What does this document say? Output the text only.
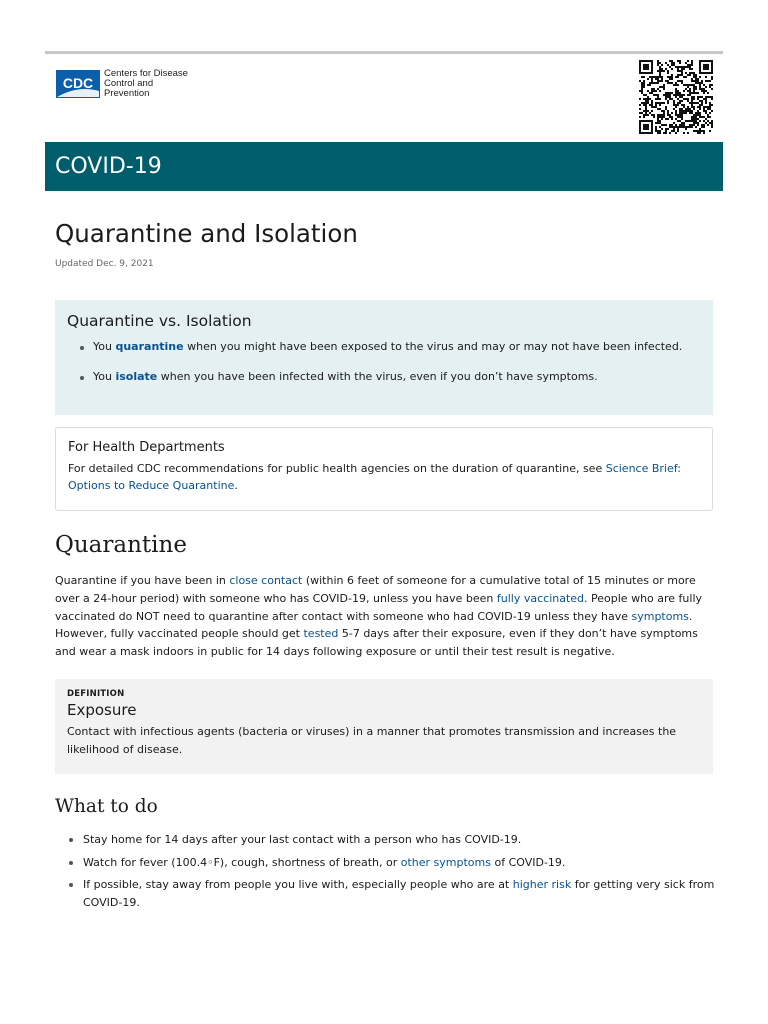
CDC
Centers for Disease
Control and Prevention
COVID-19
Quarantine and Isolation
Updated Dec. 9, 2021
Quarantine vs. Isolation
You quarantine when you might have been exposed to the virus and may or may not have been infected.
You isolate when you have been infected with the virus, even if you don’t have symptoms.
For Health Departments

For detailed CDC recommendations for public health agencies on the duration of quarantine, see Science Brief: Options to Reduce Quarantine.

Quarantine

Quarantine if you have been in close contact (within 6 feet of someone for a cumulative total of 15 minutes or more over a 24-hour period) with someone who has COVID-19, unless you have been fully vaccinated. People who are fully vaccinated do NOT need to quarantine after contact with someone who had COVID-19 unless they have symptoms. However, fully vaccinated people should get tested 5-7 days after their exposure, even if they don’t have symptoms and wear a mask indoors in public for 14 days following exposure or until their test result is negative.

DEFINITION
Exposure

Contact with infectious agents (bacteria or viruses) in a manner that promotes transmission and increases the likelihood of disease.

What to do
Stay home for 14 days after your last contact with a person who has COVID-19.
Watch for fever (100.4◦F), cough, shortness of breath, or other symptoms of COVID-19.
If possible, stay away from people you live with, especially people who are at higher risk for getting very sick from COVID-19.
